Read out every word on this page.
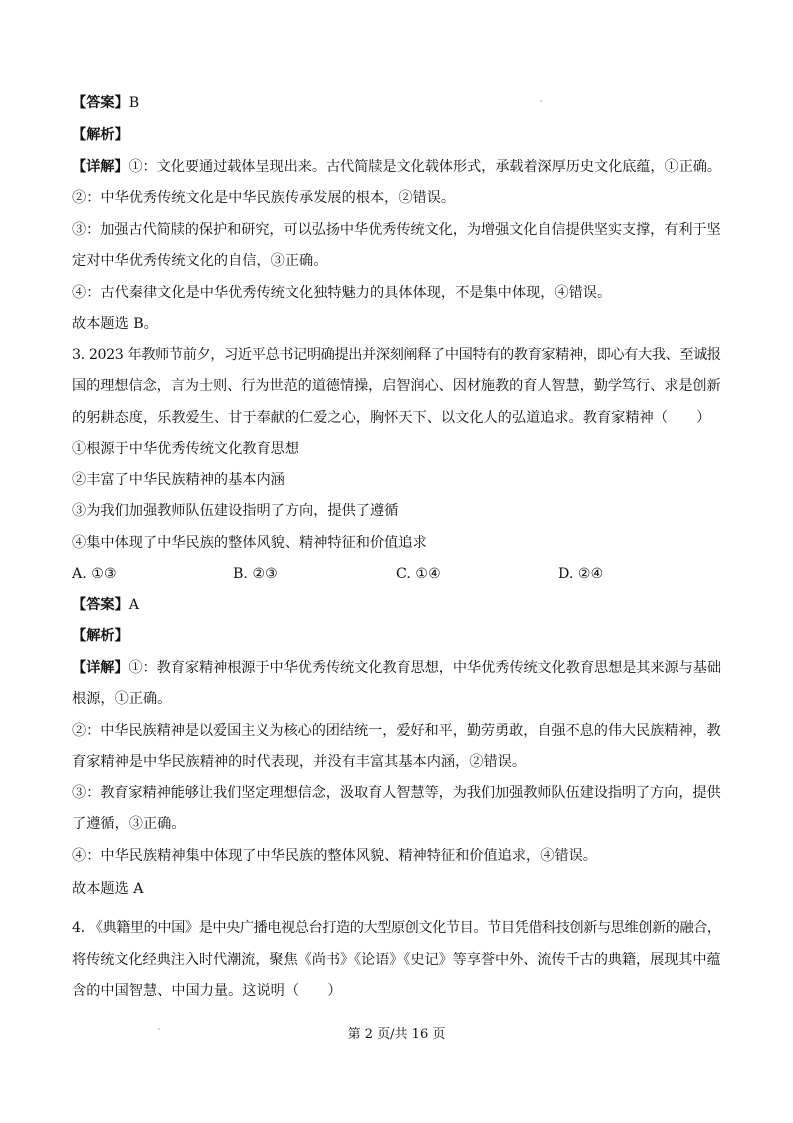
【答案】B
【解析】
【详解】①：文化要通过载体呈现出来。古代简牍是文化载体形式，承载着深厚历史文化底蕴，①正确。
②：中华优秀传统文化是中华民族传承发展的根本，②错误。
③：加强古代简牍的保护和研究，可以弘扬中华优秀传统文化，为增强文化自信提供坚实支撑，有利于坚
定对中华优秀传统文化的自信，③正确。
④：古代秦律文化是中华优秀传统文化独特魅力的具体体现，不是集中体现，④错误。
故本题选 B。
3. 2023 年教师节前夕，习近平总书记明确提出并深刻阐释了中国特有的教育家精神，即心有大我、至诚报
国的理想信念，言为士则、行为世范的道德情操，启智润心、因材施教的育人智慧，勤学笃行、求是创新
的躬耕态度，乐教爱生、甘于奉献的仁爱之心，胸怀天下、以文化人的弘道追求。教育家精神（　　）
①根源于中华优秀传统文化教育思想
②丰富了中华民族精神的基本内涵
③为我们加强教师队伍建设指明了方向，提供了遵循
④集中体现了中华民族的整体风貌、精神特征和价值追求
A. ①③	B. ②③	C. ①④	D. ②④
【答案】A
【解析】
【详解】①：教育家精神根源于中华优秀传统文化教育思想，中华优秀传统文化教育思想是其来源与基础
根源，①正确。
②：中华民族精神是以爱国主义为核心的团结统一，爱好和平，勤劳勇敢，自强不息的伟大民族精神，教
育家精神是中华民族精神的时代表现，并没有丰富其基本内涵，②错误。
③：教育家精神能够让我们坚定理想信念，汲取育人智慧等，为我们加强教师队伍建设指明了方向，提供
了遵循，③正确。
④：中华民族精神集中体现了中华民族的整体风貌、精神特征和价值追求，④错误。
故本题选 A
4. 《典籍里的中国》是中央广播电视总台打造的大型原创文化节目。节目凭借科技创新与思维创新的融合，
将传统文化经典注入时代潮流，聚焦《尚书》《论语》《史记》等享誉中外、流传千古的典籍，展现其中蕴
含的中国智慧、中国力量。这说明（　　）
第 2 页/共 16 页
